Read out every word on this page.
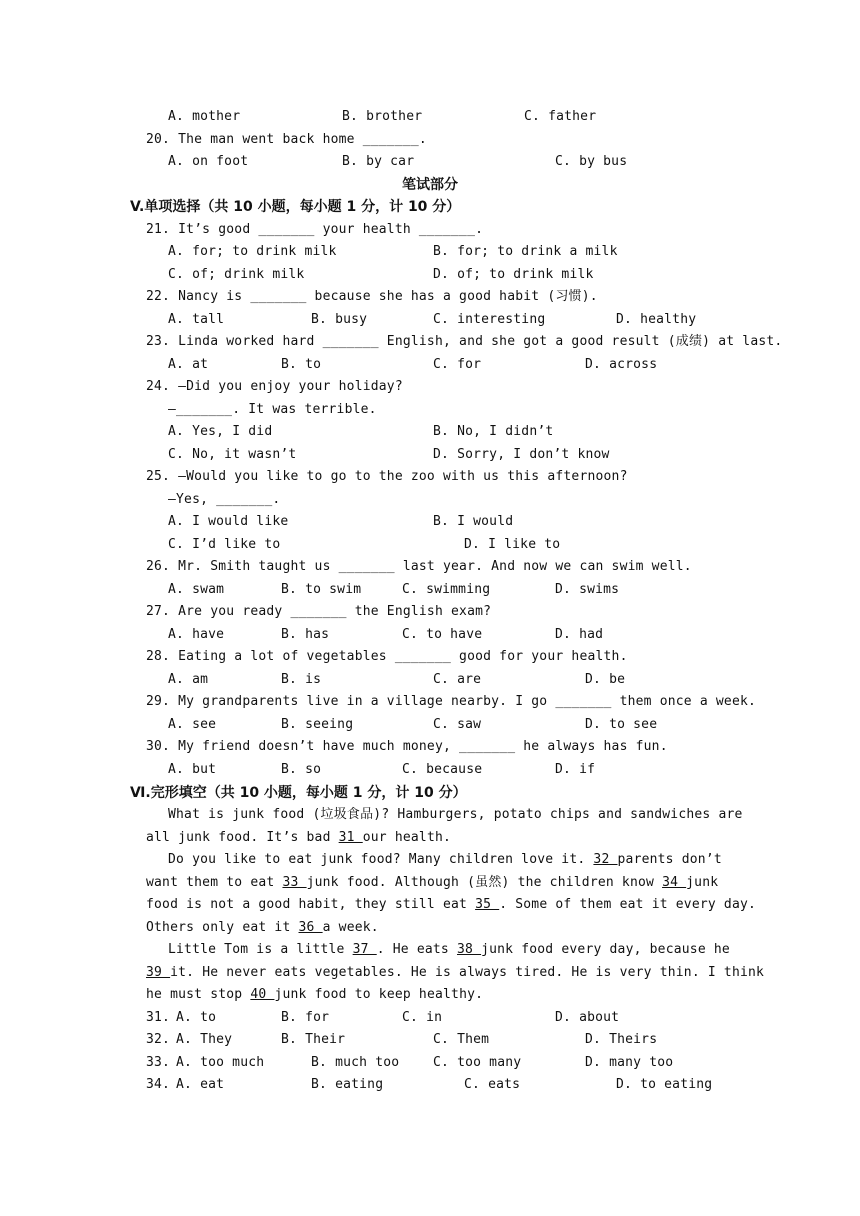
A. mother	B. brother	C. father
20. The man went back home _______.
A. on foot	B. by car	C. by bus
笔试部分
V.单项选择（共 10 小题，每小题 1 分，计 10 分）
21. It’s good _______ your health _______.
A. for; to drink milk	B. for; to drink a milk
C. of; drink milk	D. of; to drink milk
22. Nancy is _______ because she has a good habit (习惯).
A. tall	B. busy	C. interesting	D. healthy
23. Linda worked hard _______ English, and she got a good result (成绩) at last.
A. at	B. to	C. for	D. across
24. —Did you enjoy your holiday?
—_______. It was terrible.
A. Yes, I did	B. No, I didn’t
C. No, it wasn’t	D. Sorry, I don’t know
25. —Would you like to go to the zoo with us this afternoon?
—Yes, _______.
A. I would like	B. I would
C. I’d like to	D. I like to
26. Mr. Smith taught us _______ last year. And now we can swim well.
A. swam	B. to swim	C. swimming	D. swims
27. Are you ready _______ the English exam?
A. have	B. has	C. to have	D. had
28. Eating a lot of vegetables _______ good for your health.
A. am	B. is	C. are	D. be
29. My grandparents live in a village nearby. I go _______ them once a week.
A. see	B. seeing	C. saw	D. to see
30. My friend doesn’t have much money, _______ he always has fun.
A. but	B. so	C. because	D. if
Ⅵ.完形填空（共 10 小题，每小题 1 分，计 10 分）
What is junk food (垃圾食品)? Hamburgers, potato chips and sandwiches are
all junk food. It’s bad 31 our health.
Do you like to eat junk food? Many children love it. 32 parents don’t
want them to eat 33 junk food. Although (虽然) the children know 34 junk
food is not a good habit, they still eat 35 . Some of them eat it every day.
Others only eat it 36 a week.
Little Tom is a little 37 . He eats 38 junk food every day, because he
39 it. He never eats vegetables. He is always tired. He is very thin. I think
he must stop 40 junk food to keep healthy.
31. A. to	B. for	C. in	D. about
32. A. They	B. Their	C. Them	D. Theirs
33. A. too much	B. much too	C. too many	D. many too
34. A. eat	B. eating	C. eats	D. to eating
